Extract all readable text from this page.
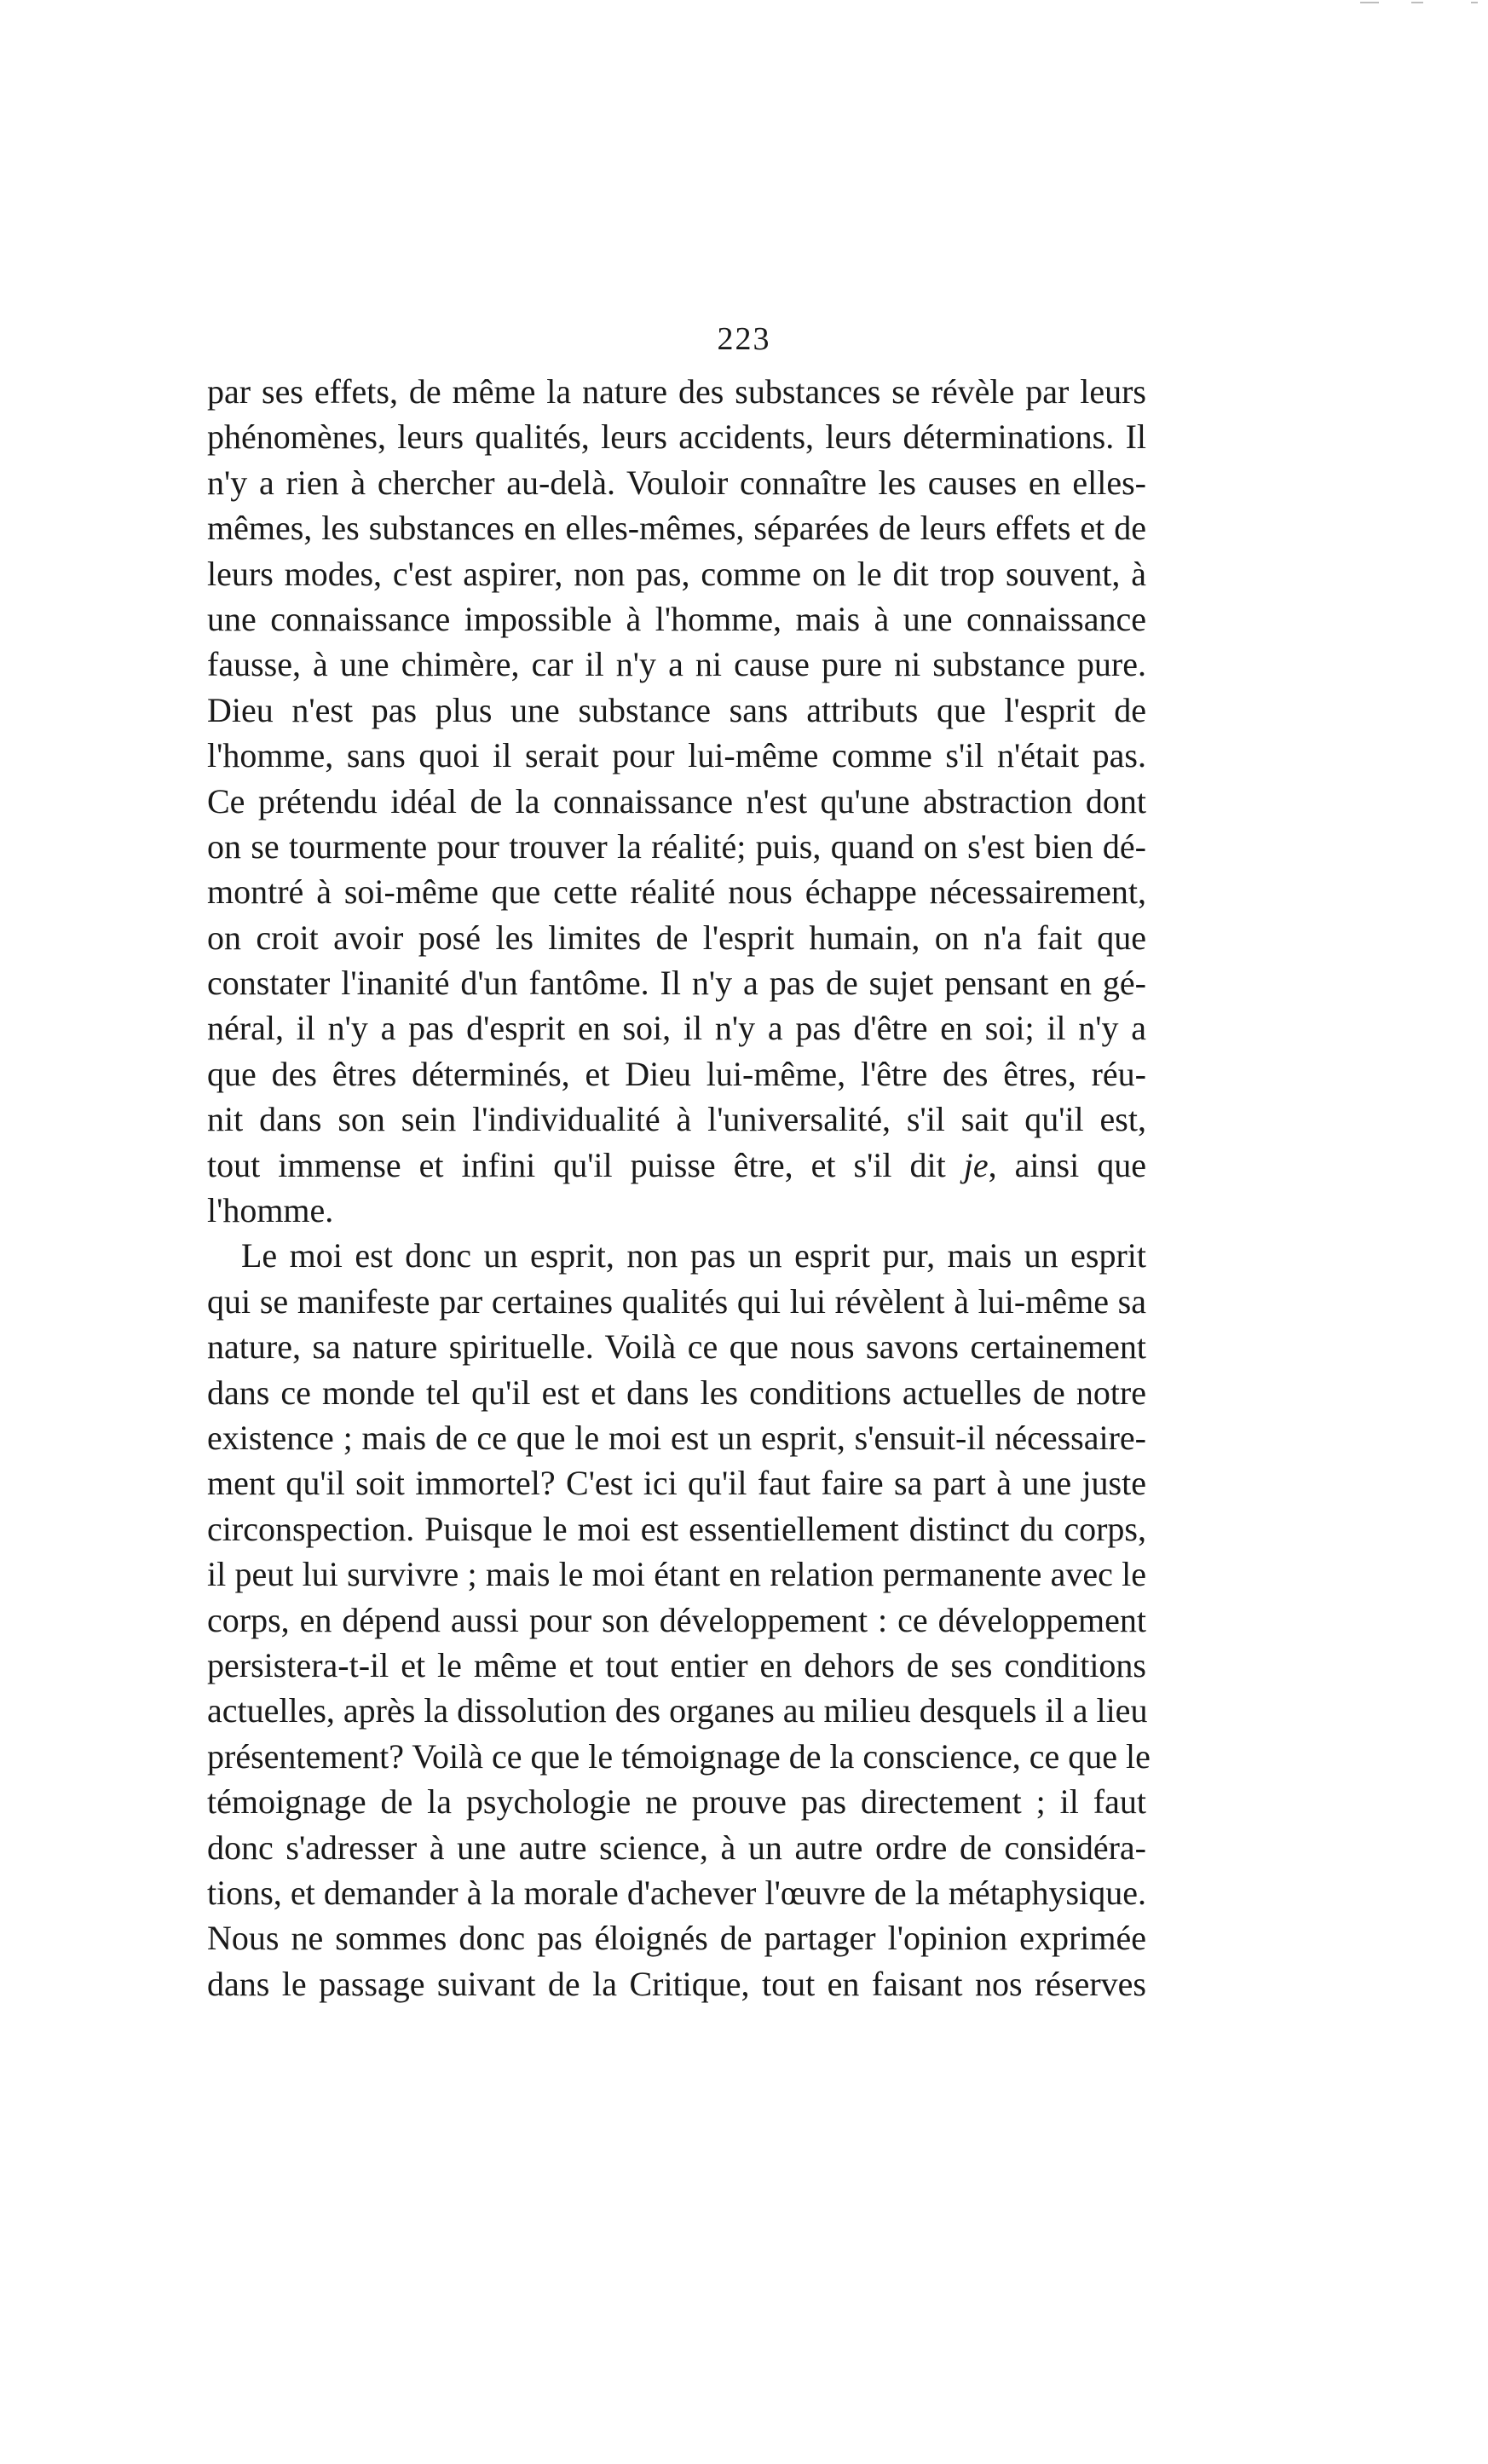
223
par ses effets, de même la nature des substances se révèle par leurs
phénomènes, leurs qualités, leurs accidents, leurs déterminations. Il
n'y a rien à chercher au-delà. Vouloir connaître les causes en elles-
mêmes, les substances en elles-mêmes, séparées de leurs effets et de
leurs modes, c'est aspirer, non pas, comme on le dit trop souvent, à
une connaissance impossible à l'homme, mais à une connaissance
fausse, à une chimère, car il n'y a ni cause pure ni substance pure.
Dieu n'est pas plus une substance sans attributs que l'esprit de
l'homme, sans quoi il serait pour lui-même comme s'il n'était pas.
Ce prétendu idéal de la connaissance n'est qu'une abstraction dont
on se tourmente pour trouver la réalité; puis, quand on s'est bien dé-
montré à soi-même que cette réalité nous échappe nécessairement,
on croit avoir posé les limites de l'esprit humain, on n'a fait que
constater l'inanité d'un fantôme. Il n'y a pas de sujet pensant en gé-
néral, il n'y a pas d'esprit en soi, il n'y a pas d'être en soi; il n'y a
que des êtres déterminés, et Dieu lui-même, l'être des êtres, réu-
nit dans son sein l'individualité à l'universalité, s'il sait qu'il est,
tout immense et infini qu'il puisse être, et s'il dit je, ainsi que
l'homme.
Le moi est donc un esprit, non pas un esprit pur, mais un esprit
qui se manifeste par certaines qualités qui lui révèlent à lui-même sa
nature, sa nature spirituelle. Voilà ce que nous savons certainement
dans ce monde tel qu'il est et dans les conditions actuelles de notre
existence ; mais de ce que le moi est un esprit, s'ensuit-il nécessaire-
ment qu'il soit immortel? C'est ici qu'il faut faire sa part à une juste
circonspection. Puisque le moi est essentiellement distinct du corps,
il peut lui survivre ; mais le moi étant en relation permanente avec le
corps, en dépend aussi pour son développement : ce développement
persistera-t-il et le même et tout entier en dehors de ses conditions
actuelles, après la dissolution des organes au milieu desquels il a lieu
présentement? Voilà ce que le témoignage de la conscience, ce que le
témoignage de la psychologie ne prouve pas directement ; il faut
donc s'adresser à une autre science, à un autre ordre de considéra-
tions, et demander à la morale d'achever l'œuvre de la métaphysique.
Nous ne sommes donc pas éloignés de partager l'opinion exprimée
dans le passage suivant de la Critique, tout en faisant nos réserves
